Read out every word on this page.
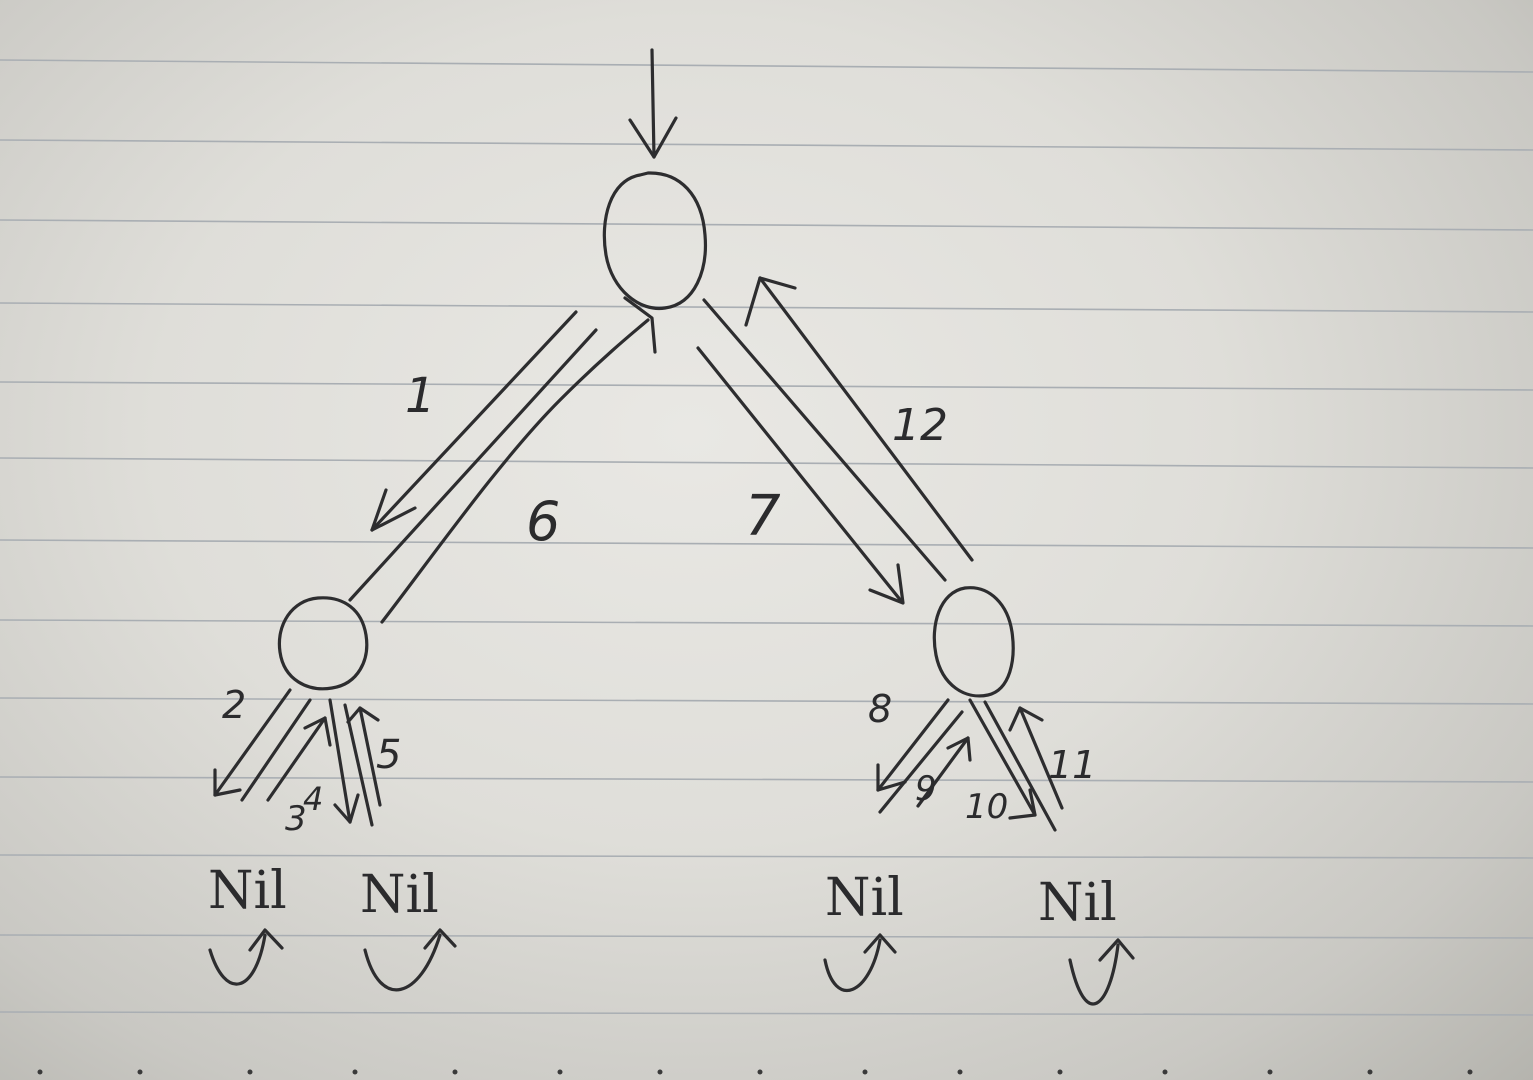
1
2
3
4
5
6	7
8
9 10
11
12
Nil Nil	Nil	Nil
